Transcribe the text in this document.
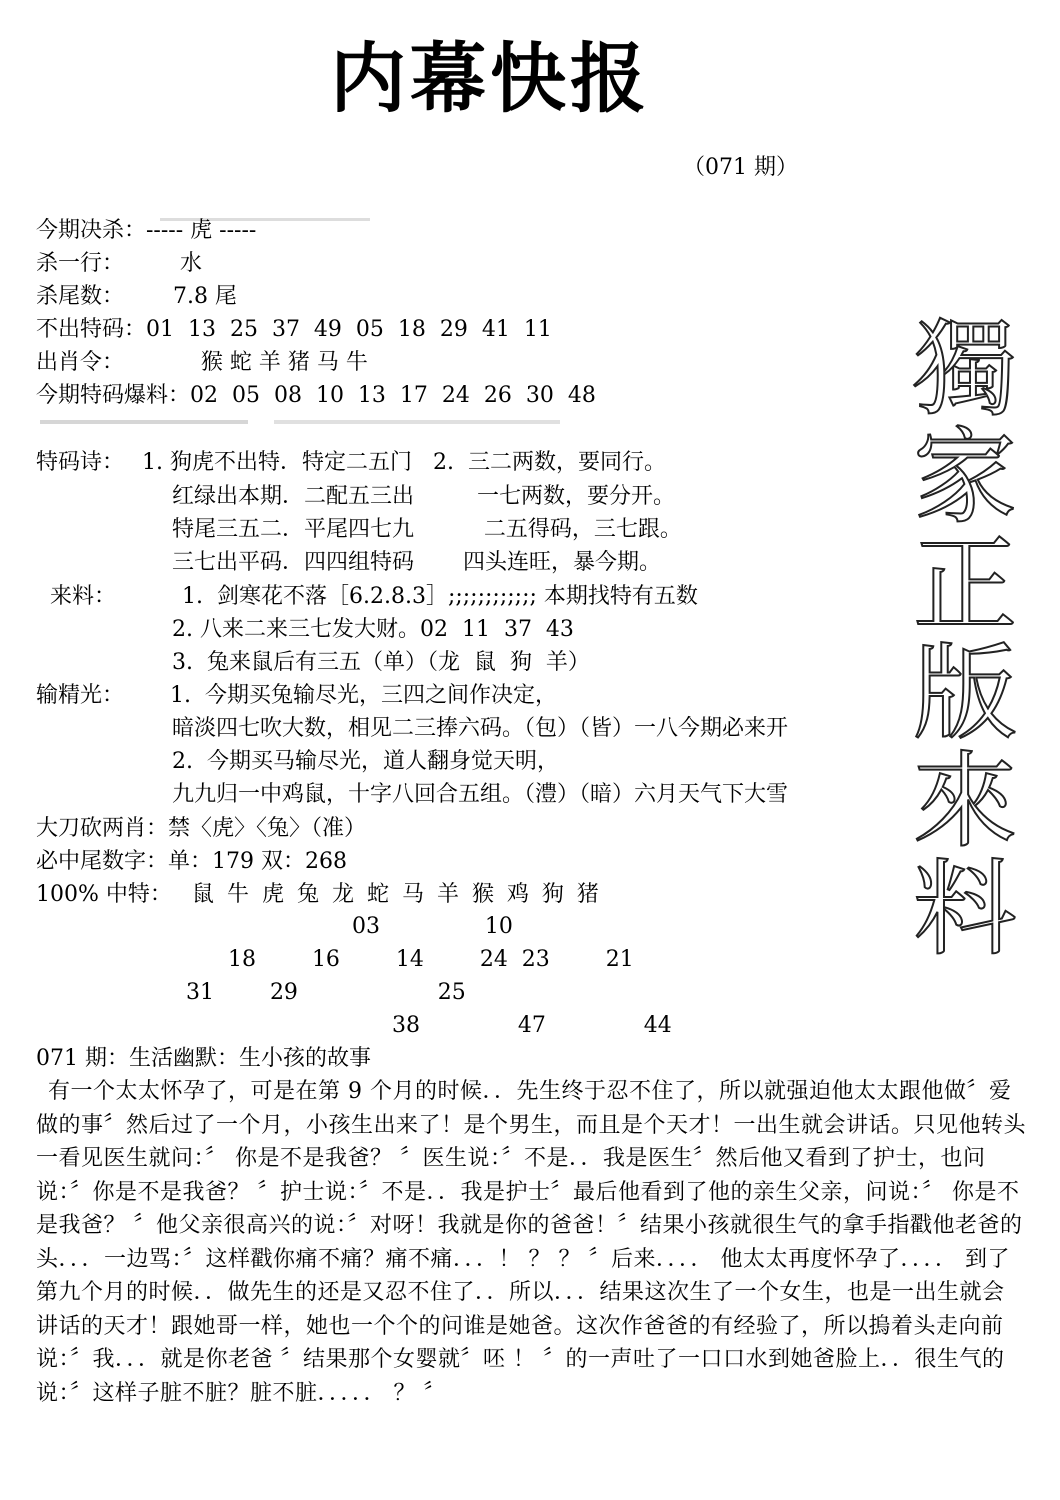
内幕快报
（071 期）
今期决杀：----- 虎 -----
杀一行：        水
杀尾数：       7.8 尾
不出特码：01  13  25  37  49  05  18  29  41  11
出肖令：           猴 蛇 羊 猪 马 牛
今期特码爆料：02  05  08  10  13  17  24  26  30  48
特码诗： 1. 狗虎不出特．特定二五门   2.  三二两数，要同行。
红绿出本期．二配五三出         一七两数，要分开。
特尾三五二．平尾四七九          二五得码，三七跟。
三七出平码．四四组特码       四头连旺，暴今期。
来料：	1.  剑寒花不落［6.2.8.3］;;;;;;;;;;;; 本期找特有五数
2. 八来二来三七发大财。02  11  37  43
3.  兔来鼠后有三五（单）（龙  鼠  狗  羊）
输精光： 1.  今期买兔输尽光，三四之间作决定，
暗淡四七吹大数，相见二三捧六码。（包）（皆）一八今期必来开
2.  今期买马输尽光，道人翻身觉天明，
九九归一中鸡鼠，十字八回合五组。（澧）（暗）六月天气下大雪
大刀砍两肖：禁〈虎〉〈兔〉（准）
必中尾数字：单：179 双：268
100% 中特： 鼠 牛 虎 兔 龙 蛇 马 羊 猴 鸡 狗 猪
03               10
18        16        14        24  23        21
31        29                    25
38              47              44
071 期：生活幽默：生小孩的故事
有一个太太怀孕了，可是在第 9 个月的时候．．先生终于忍不住了，所以就强迫他太太跟他做〞爱做的事〞然后过了一个月，小孩生出来了！是个男生，而且是个天才！一出生就会讲话。只见他转头一看见医生就问：〞 你是不是我爸？ 〞医生说：〞不是．．我是医生〞然后他又看到了护士，也问说：〞你是不是我爸？ 〞护士说：〞不是．．我是护士〞最后他看到了他的亲生父亲，问说：〞 你是不是我爸？ 〞他父亲很高兴的说：〞对呀！我就是你的爸爸！〞结果小孩就很生气的拿手指戳他老爸的头．．．一边骂：〞这样戳你痛不痛？痛不痛．．．！ ？ ？ 〞后来．．．． 他太太再度怀孕了．．．． 到了第九个月的时候．．做先生的还是又忍不住了．．所以．．．结果这次生了一个女生，也是一出生就会讲话的天才！跟她哥一样，她也一个个的问谁是她爸。这次作爸爸的有经验了，所以摀着头走向前说：〞我．．．就是你老爸 〞结果那个女婴就〞呸 ！ 〞的一声吐了一口口水到她爸脸上．．很生气的说：〞这样子脏不脏？脏不脏．．．．． ？ 〞
獨
家
正
版
來
料
